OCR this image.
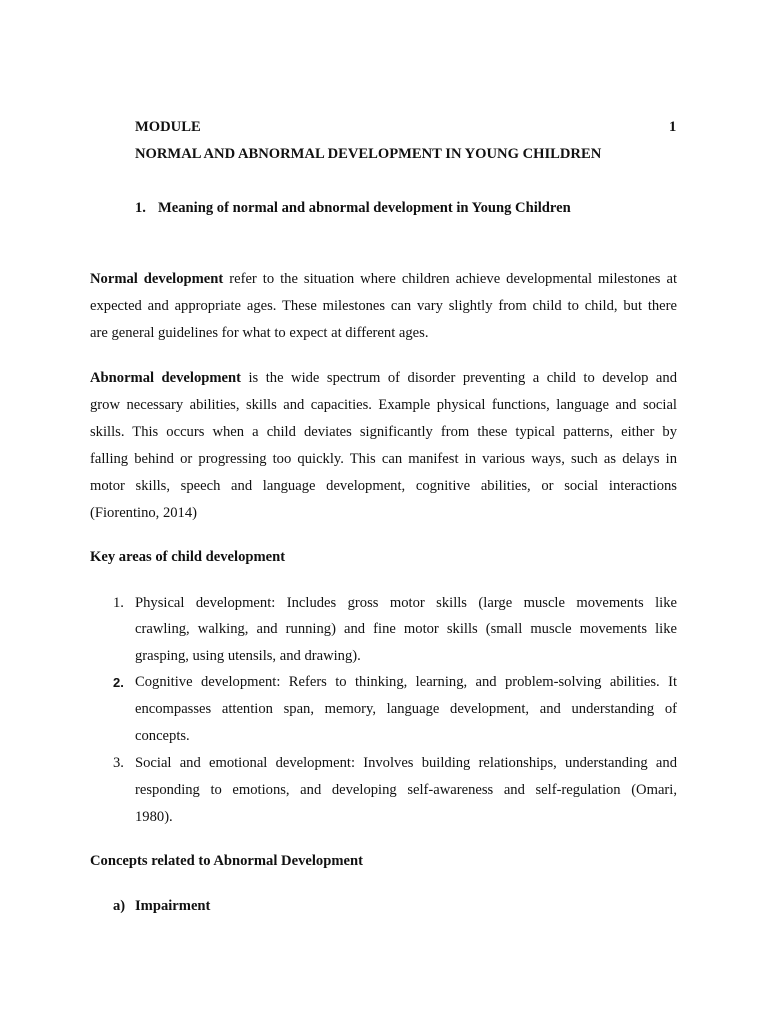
MODULE	1
NORMAL AND ABNORMAL DEVELOPMENT IN YOUNG CHILDREN
1. Meaning of normal and abnormal development in Young Children
Normal development refer to the situation where children achieve developmental milestones at
expected and appropriate ages. These milestones can vary slightly from child to child, but there
are general guidelines for what to expect at different ages.
Abnormal development is the wide spectrum of disorder preventing a child to develop and
grow necessary abilities, skills and capacities. Example physical functions, language and social
skills. This occurs when a child deviates significantly from these typical patterns, either by
falling behind or progressing too quickly. This can manifest in various ways, such as delays in
motor skills, speech and language development, cognitive abilities, or social interactions
(Fiorentino, 2014)
Key areas of child development
1. Physical development: Includes gross motor skills (large muscle movements like
crawling, walking, and running) and fine motor skills (small muscle movements like
grasping, using utensils, and drawing).
2. Cognitive development: Refers to thinking, learning, and problem-solving abilities. It
encompasses attention span, memory, language development, and understanding of
concepts.
3. Social and emotional development: Involves building relationships, understanding and
responding to emotions, and developing self-awareness and self-regulation (Omari,
1980).
Concepts related to Abnormal Development
a) Impairment
